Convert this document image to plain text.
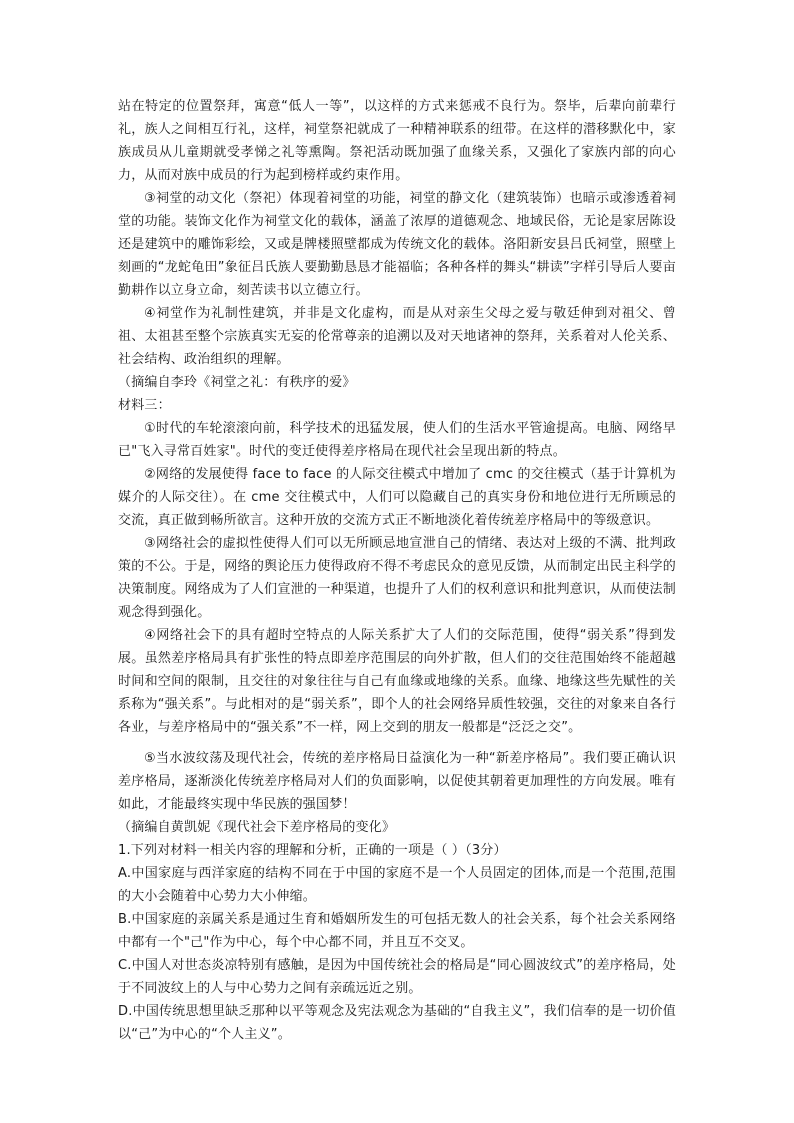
站在特定的位置祭拜，寓意“低人一等”，以这样的方式来惩戒不良行为。祭毕，后辈向前辈行礼，族人之间相互行礼，这样，祠堂祭祀就成了一种精神联系的纽带。在这样的潜移默化中，家族成员从儿童期就受孝悌之礼等熏陶。祭祀活动既加强了血缘关系，又强化了家族内部的向心力，从而对族中成员的行为起到榜样或约束作用。

③祠堂的动文化（祭祀）体现着祠堂的功能，祠堂的静文化（建筑装饰）也暗示或渗透着祠堂的功能。装饰文化作为祠堂文化的载体，涵盖了浓厚的道德观念、地域民俗，无论是家居陈设还是建筑中的雕饰彩绘，又或是牌楼照壁都成为传统文化的载体。洛阳新安县吕氏祠堂，照壁上刻画的“龙蛇龟田”象征吕氏族人要勤勤恳恳才能福临；各种各样的舞头“耕读”字样引导后人要亩勤耕作以立身立命，刻苦读书以立德立行。

④祠堂作为礼制性建筑，并非是文化虚构，而是从对亲生父母之爱与敬廷伸到对祖父、曾祖、太祖甚至整个宗族真实无妄的伦常尊亲的追溯以及对天地诸神的祭拜，关系着对人伦关系、社会结构、政治组织的理解。

（摘编自李玲《祠堂之礼：有秩序的爱》

材料三：

①时代的车轮滚滚向前，科学技术的迅猛发展，使人们的生活水平管逾提高。电脑、网络早已"飞入寻常百姓家"。时代的变迁使得差序格局在现代社会呈现出新的特点。

②网络的发展使得 face to face 的人际交往模式中增加了 cmc 的交往模式（基于计算机为媒介的人际交往）。在 cme 交往模式中，人们可以隐藏自己的真实身份和地位进行无所顾忌的交流，真正做到畅所欲言。这种开放的交流方式正不断地淡化着传统差序格局中的等级意识。

③网络社会的虚拟性使得人们可以无所顾忌地宣泄自己的情绪、表达对上级的不满、批判政策的不公。于是，网络的舆论压力使得政府不得不考虑民众的意见反馈，从而制定出民主科学的决策制度。网络成为了人们宣泄的一种渠道，也提升了人们的权利意识和批判意识，从而使法制观念得到强化。

④网络社会下的具有超时空特点的人际关系扩大了人们的交际范围，使得“弱关系”得到发展。虽然差序格局具有扩张性的特点即差序范围层的向外扩散，但人们的交往范围始终不能超越时间和空间的限制，且交往的对象往往与自己有血缘或地缘的关系。血缘、地缘这些先赋性的关系称为“强关系”。与此相对的是“弱关系”，即个人的社会网络异质性较强，交往的对象来自各行各业，与差序格局中的“强关系”不一样，网上交到的朋友一般都是“泛泛之交”。

⑤当水波纹荡及现代社会，传统的差序格局日益演化为一种“新差序格局”。我们要正确认识差序格局，逐渐淡化传统差序格局对人们的负面影响，以促使其朝着更加理性的方向发展。唯有如此，才能最终实现中华民族的强国梦！

（摘编自黄凯妮《现代社会下差序格局的变化》

1.下列对材料一相关内容的理解和分析，正确的一项是（ ）（3分）

A.中国家庭与西洋家庭的结构不同在于中国的家庭不是一个人员固定的团体,而是一个范围,范围的大小会随着中心势力大小伸缩。

B.中国家庭的亲属关系是通过生育和婚姻所发生的可包括无数人的社会关系，每个社会关系网络中都有一个"己"作为中心，每个中心都不同，并且互不交叉。

C.中国人对世态炎凉特别有感触，是因为中国传统社会的格局是“同心圆波纹式”的差序格局，处于不同波纹上的人与中心势力之间有亲疏远近之别。

D.中国传统思想里缺乏那种以平等观念及宪法观念为基础的“自我主义”，我们信奉的是一切价值以“己”为中心的“个人主义”。
